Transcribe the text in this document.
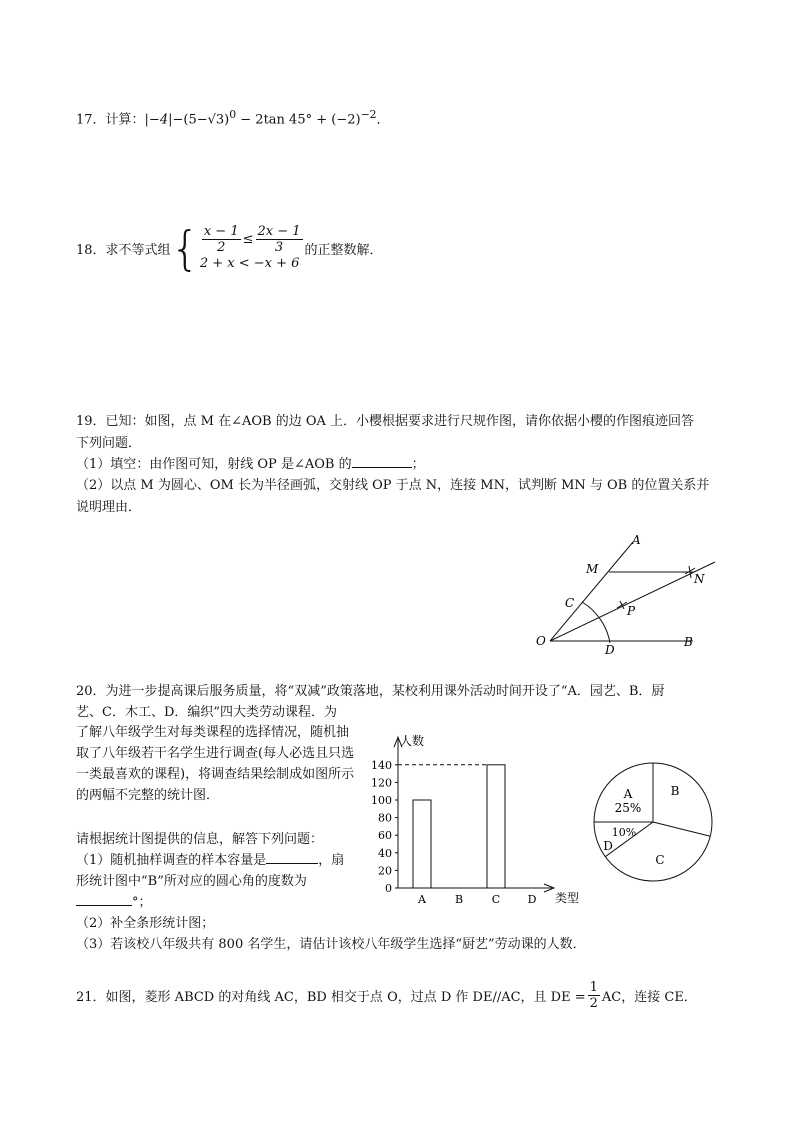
17．计算：$|-4|-(5-√3)^0 - 2\tan$ $45^\circ + (-2)^{-2}$．
18．求不等式组{ $\frac{x - 1}{2} \le \frac{2x - 1}{3}$
2 + x < −x + 6
的正整数解．
19．已知：如图，点 M 在∠AOB 的边 OA 上．小樱根据要求进行尺规作图，请你依据小樱的作图痕迹回答
下列问题．
（1）填空：由作图可知，射线 OP 是∠AOB 的	；
（2）以点 M 为圆心、OM 长为半径画弧，交射线 OP 于点 N，连接 MN，试判断 MN 与 OB 的位置关系并
说明理由．
A
M
N
C
P
O
D
B
20．为进一步提高课后服务质量，将“双减”政策落地，某校利用课外活动时间开设了“A．园艺、B．厨
艺、C．木工、D．编织”四大类劳动课程．为
了解八年级学生对每类课程的选择情况，随机抽取了八年级若干名学生进行调查(每人必选且只选一类最喜欢的课程)，将调查结果绘制成如图所示的两幅不完整的统计图．
请根据统计图提供的信息，解答下列问题：
（1）随机抽样调查的样本容量是	，扇
形统计图中“B”所对应的圆心角的度数为
°；
（2）补全条形统计图；
（3）若该校八年级共有 800 名学生，请估计该校八年级学生选择“厨艺”劳动课的人数．
人数
类型
0
20
40
60
80
100
120
140
A	B	C D
A
25%
B
C
10%
D
21．如图，菱形 ABCD 的对角线 AC，BD 相交于点 O，过点 D 作 DE//AC，且 DE = $\frac{1}{2}$ AC，连接 CE．
